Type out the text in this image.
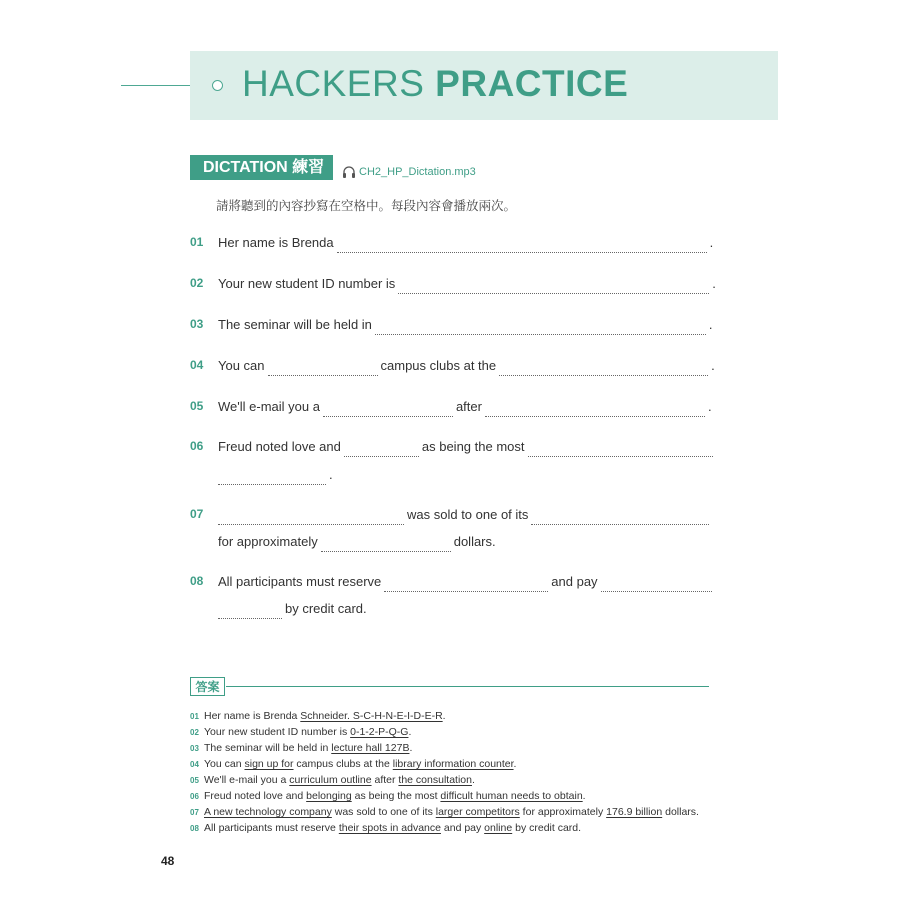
HACKERS PRACTICE
DICTATION 練習	CH2_HP_Dictation.mp3
請將聽到的內容抄寫在空格中。每段內容會播放兩次。
01 Her name is Brenda	.
02 Your new student ID number is	.
03 The seminar will be held in	.
04 You can	campus clubs at the	.
05 We'll e-mail you a	after	.
06 Freud noted love and	as being the most
.
07	was sold to one of its
for approximately	dollars.
08 All participants must reserve	and pay
by credit card.
答案
01 Her name is Brenda Schneider. S-C-H-N-E-I-D-E-R.
02 Your new student ID number is 0-1-2-P-Q-G.
03 The seminar will be held in lecture hall 127B.
04 You can sign up for campus clubs at the library information counter.
05 We'll e-mail you a curriculum outline after the consultation.
06 Freud noted love and belonging as being the most difficult human needs to obtain.
07 A new technology company was sold to one of its larger competitors for approximately 176.9 billion dollars.
08 All participants must reserve their spots in advance and pay online by credit card.
48
